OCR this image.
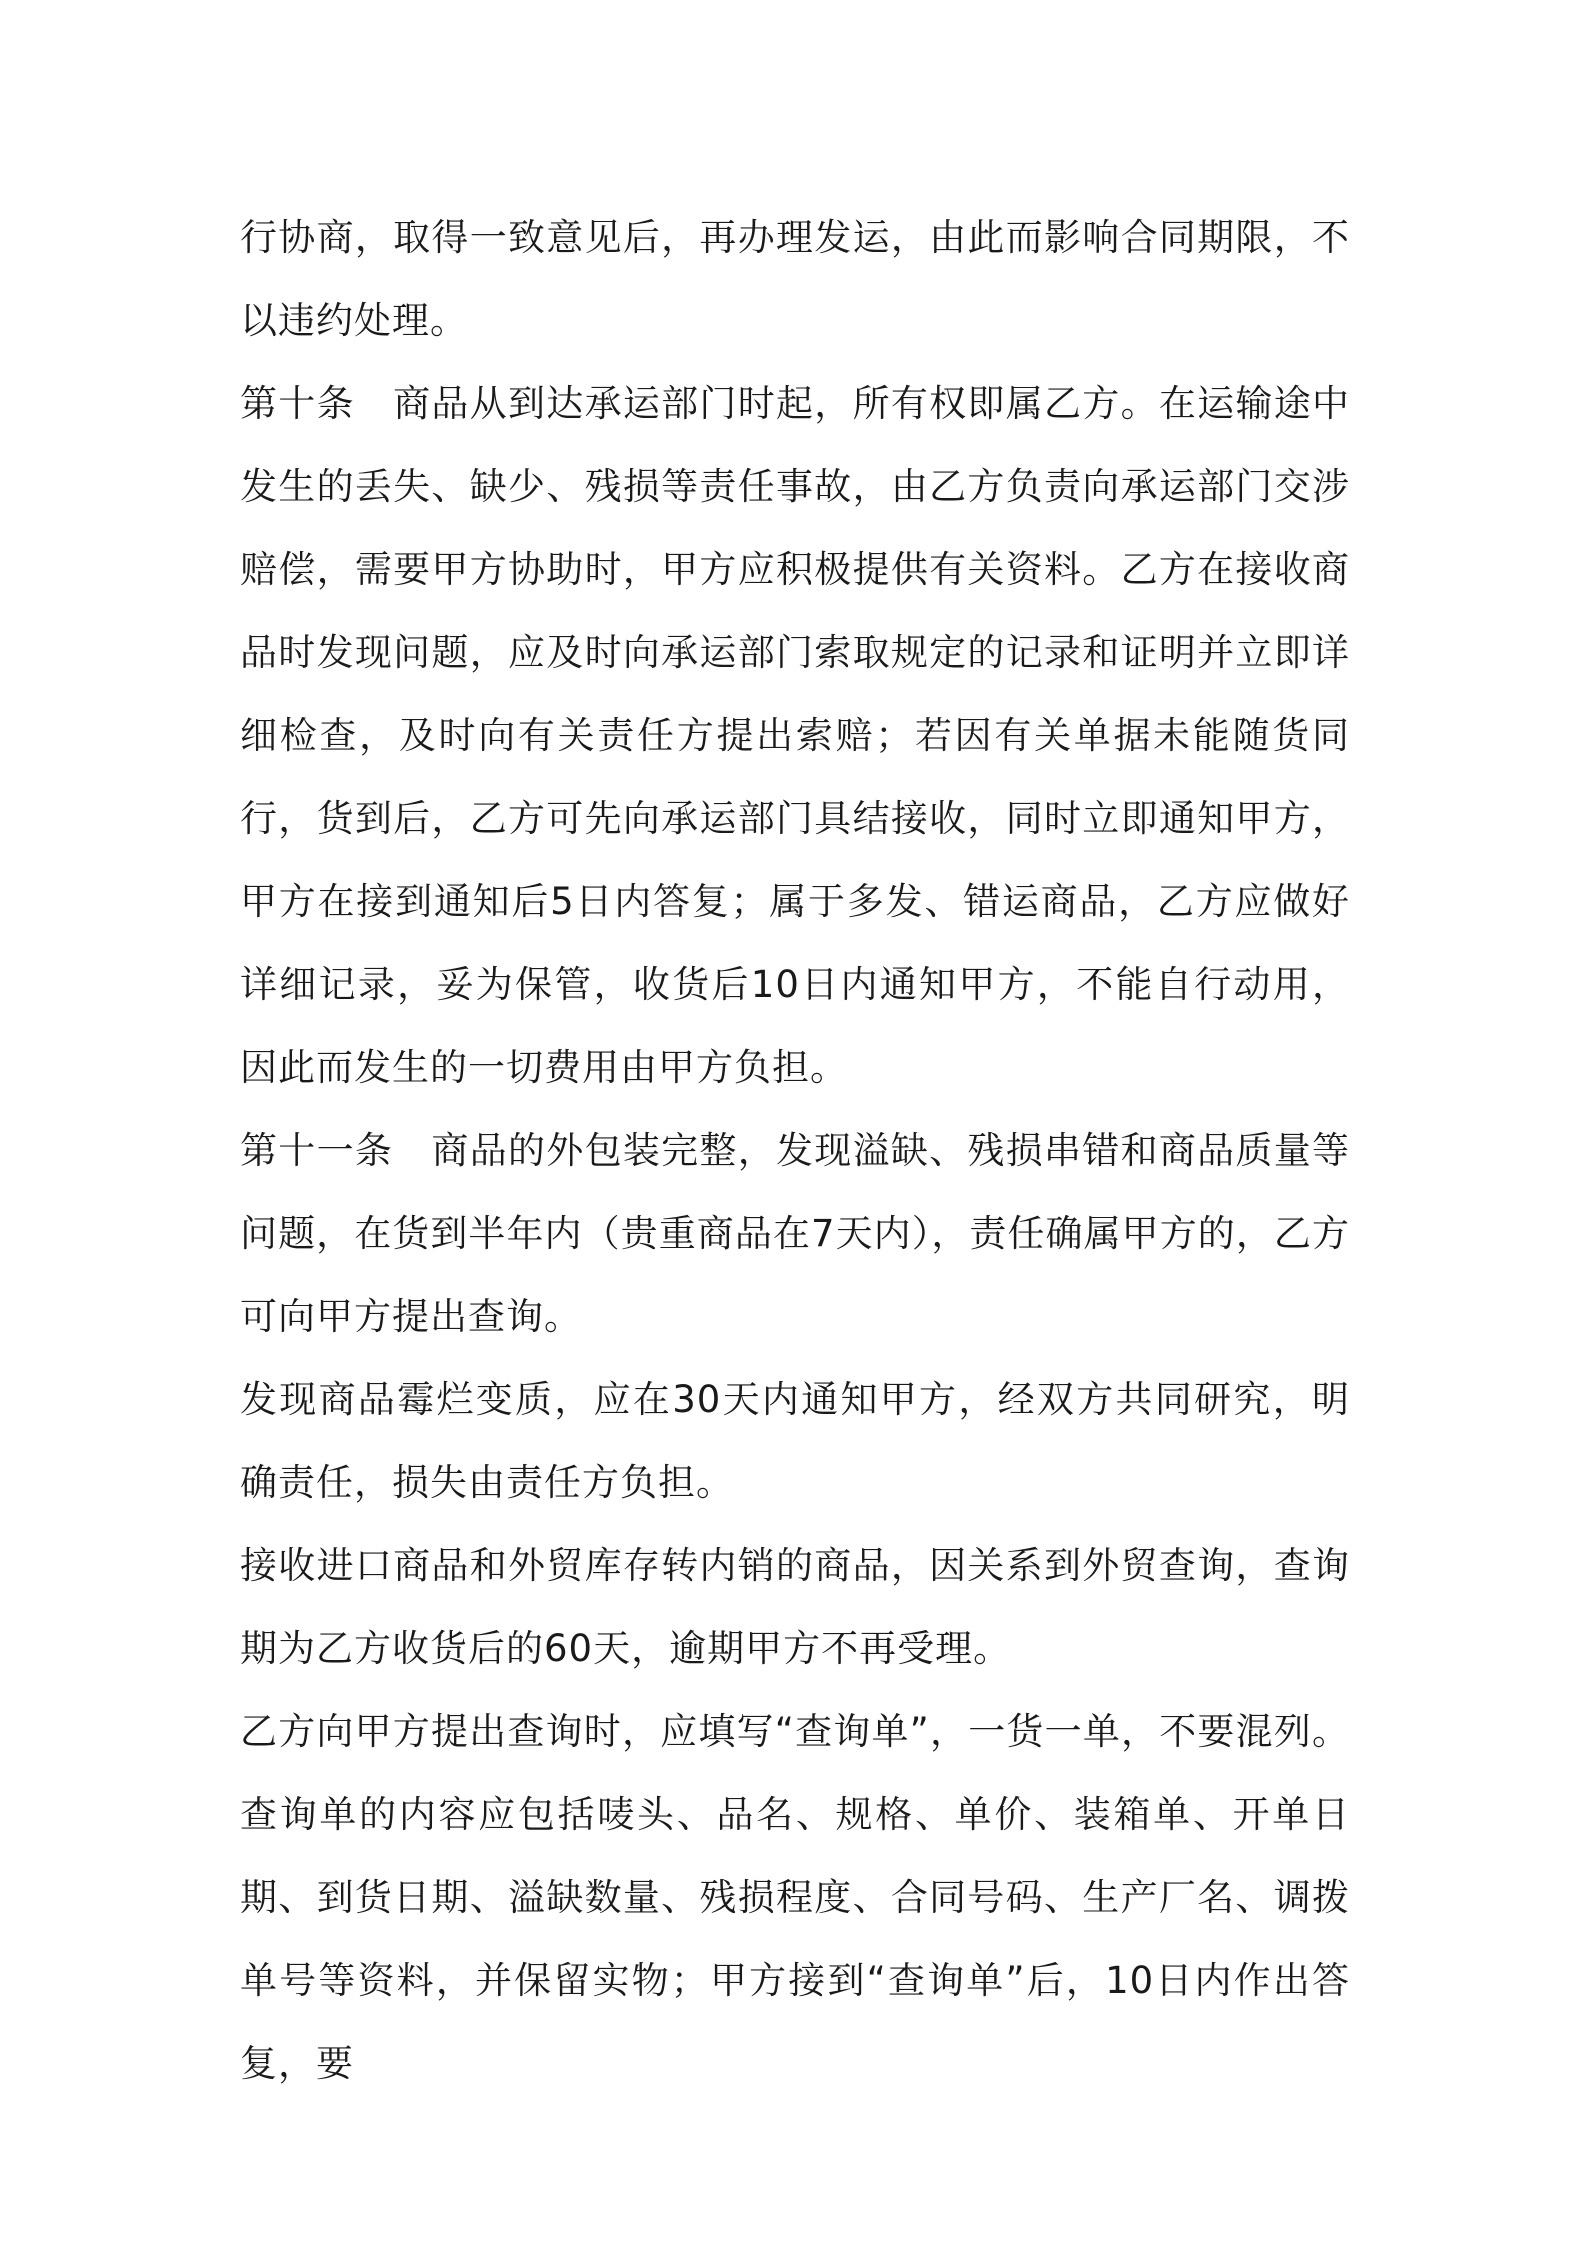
行协商，取得一致意见后，再办理发运，由此而影响合同期限，不以违约处理。

第十条　商品从到达承运部门时起，所有权即属乙方。在运输途中发生的丢失、缺少、残损等责任事故，由乙方负责向承运部门交涉赔偿，需要甲方协助时，甲方应积极提供有关资料。乙方在接收商品时发现问题，应及时向承运部门索取规定的记录和证明并立即详细检查，及时向有关责任方提出索赔；若因有关单据未能随货同行，货到后，乙方可先向承运部门具结接收，同时立即通知甲方，甲方在接到通知后5日内答复；属于多发、错运商品，乙方应做好详细记录，妥为保管，收货后10日内通知甲方，不能自行动用，因此而发生的一切费用由甲方负担。

第十一条　商品的外包装完整，发现溢缺、残损串错和商品质量等问题，在货到半年内（贵重商品在7天内），责任确属甲方的，乙方可向甲方提出查询。

发现商品霉烂变质，应在30天内通知甲方，经双方共同研究，明确责任，损失由责任方负担。

接收进口商品和外贸库存转内销的商品，因关系到外贸查询，查询期为乙方收货后的60天，逾期甲方不再受理。

乙方向甲方提出查询时，应填写“查询单”，一货一单，不要混列。查询单的内容应包括唛头、品名、规格、单价、装箱单、开单日期、到货日期、溢缺数量、残损程度、合同号码、生产厂名、调拨单号等资料，并保留实物；甲方接到“查询单”后，10日内作出答复，要
